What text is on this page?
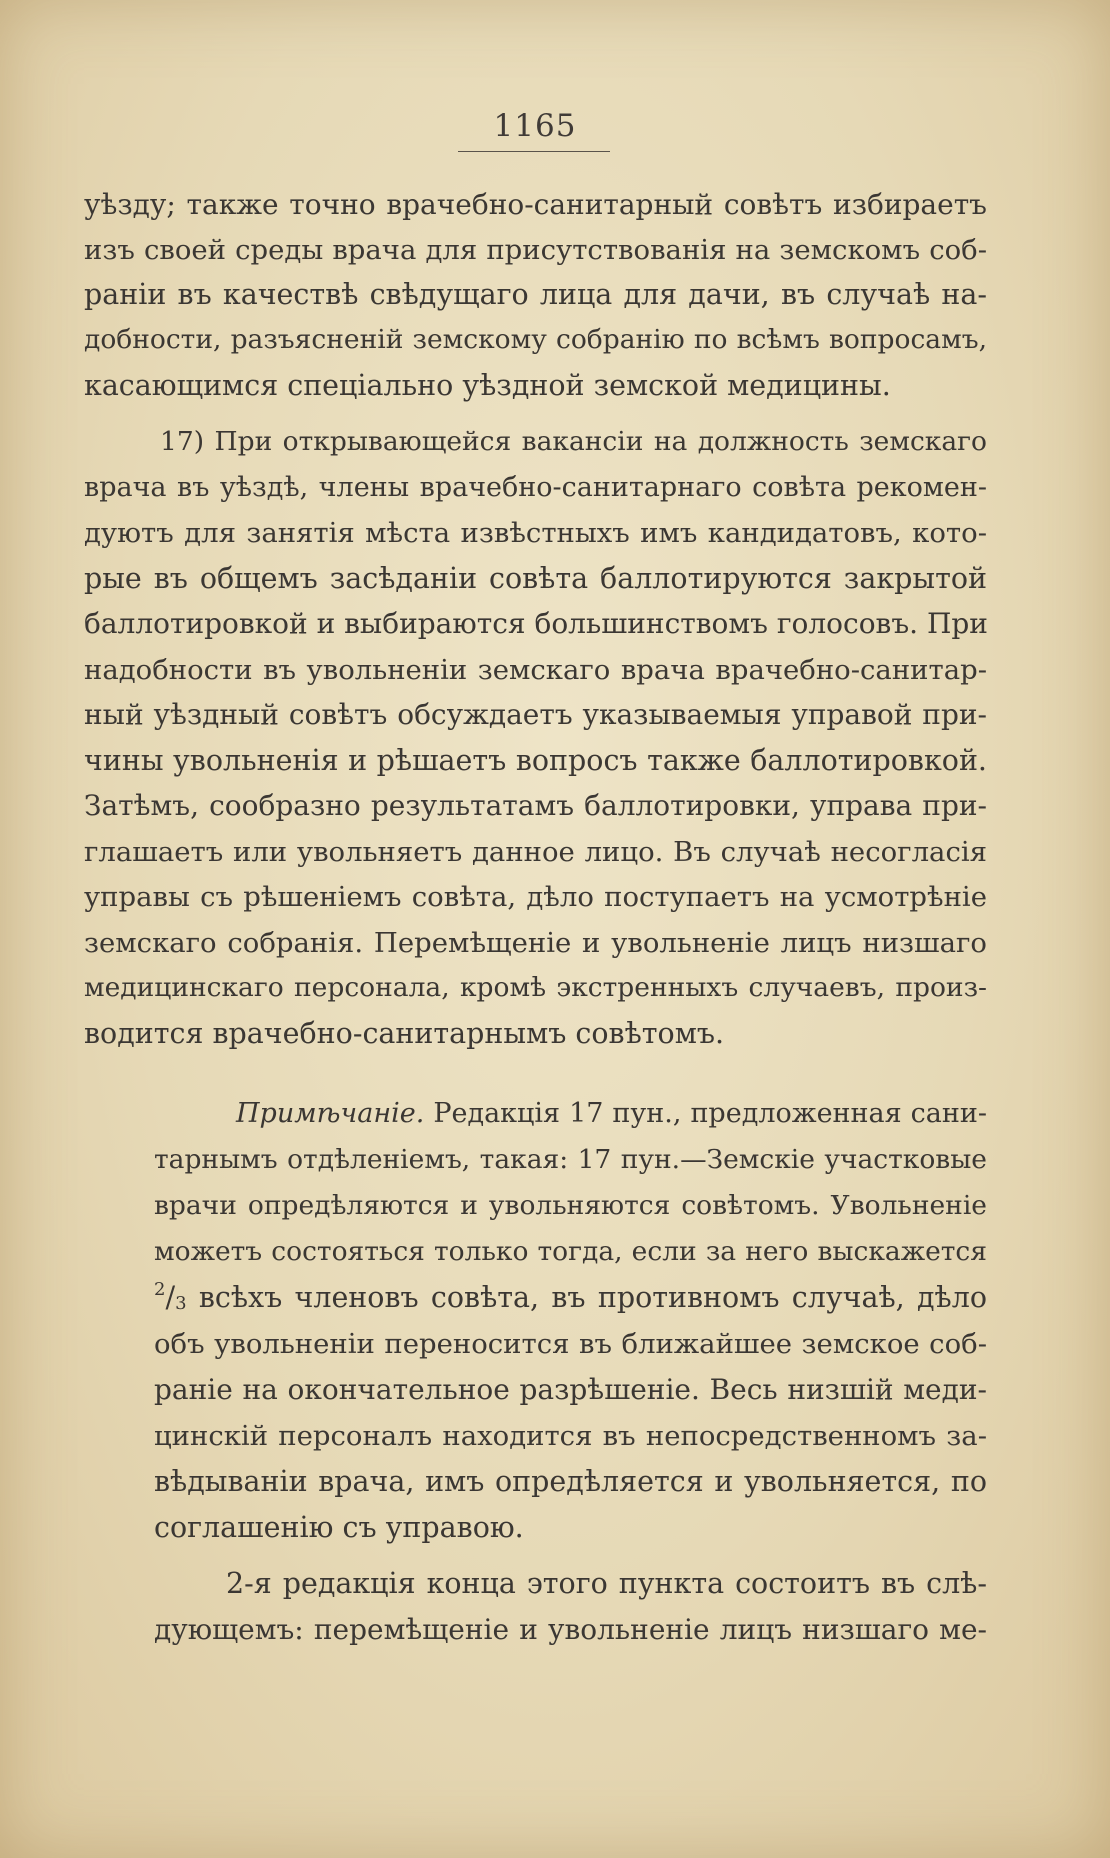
1165
уѣзду; также точно врачебно-санитарный совѣтъ избираетъ
изъ своей среды врача для присутствованія на земскомъ соб-
раніи въ качествѣ свѣдущаго лица для дачи, въ случаѣ на-
добности, разъясненій земскому собранію по всѣмъ вопросамъ,
касающимся спеціально уѣздной земской медицины.
17) При открывающейся вакансіи на должность земскаго
врача въ уѣздѣ, члены врачебно-санитарнаго совѣта рекомен-
дуютъ для занятія мѣста извѣстныхъ имъ кандидатовъ, кото-
рые въ общемъ засѣданіи совѣта баллотируются закрытой
баллотировкой и выбираются большинствомъ голосовъ. При
надобности въ увольненіи земскаго врача врачебно-санитар-
ный уѣздный совѣтъ обсуждаетъ указываемыя управой при-
чины увольненія и рѣшаетъ вопросъ также баллотировкой.
Затѣмъ, сообразно результатамъ баллотировки, управа при-
глашаетъ или увольняетъ данное лицо. Въ случаѣ несогласія
управы съ рѣшеніемъ совѣта, дѣло поступаетъ на усмотрѣніе
земскаго собранія. Перемѣщеніе и увольненіе лицъ низшаго
медицинскаго персонала, кромѣ экстренныхъ случаевъ, произ-
водится врачебно-санитарнымъ совѣтомъ.
Примѣчаніе. Редакція 17 пун., предложенная сани-
тарнымъ отдѣленіемъ, такая: 17 пун.—Земскіе участковые
врачи опредѣляются и увольняются совѣтомъ. Увольненіе
можетъ состояться только тогда, если за него выскажется
$^2$/3 всѣхъ членовъ совѣта, въ противномъ случаѣ, дѣло
объ увольненіи переносится въ ближайшее земское соб-
раніе на окончательное разрѣшеніе. Весь низшій меди-
цинскій персоналъ находится въ непосредственномъ за-
вѣдываніи врача, имъ опредѣляется и увольняется, по
соглашенію съ управою.
2-я редакція конца этого пункта состоитъ въ слѣ-
дующемъ: перемѣщеніе и увольненіе лицъ низшаго ме-
